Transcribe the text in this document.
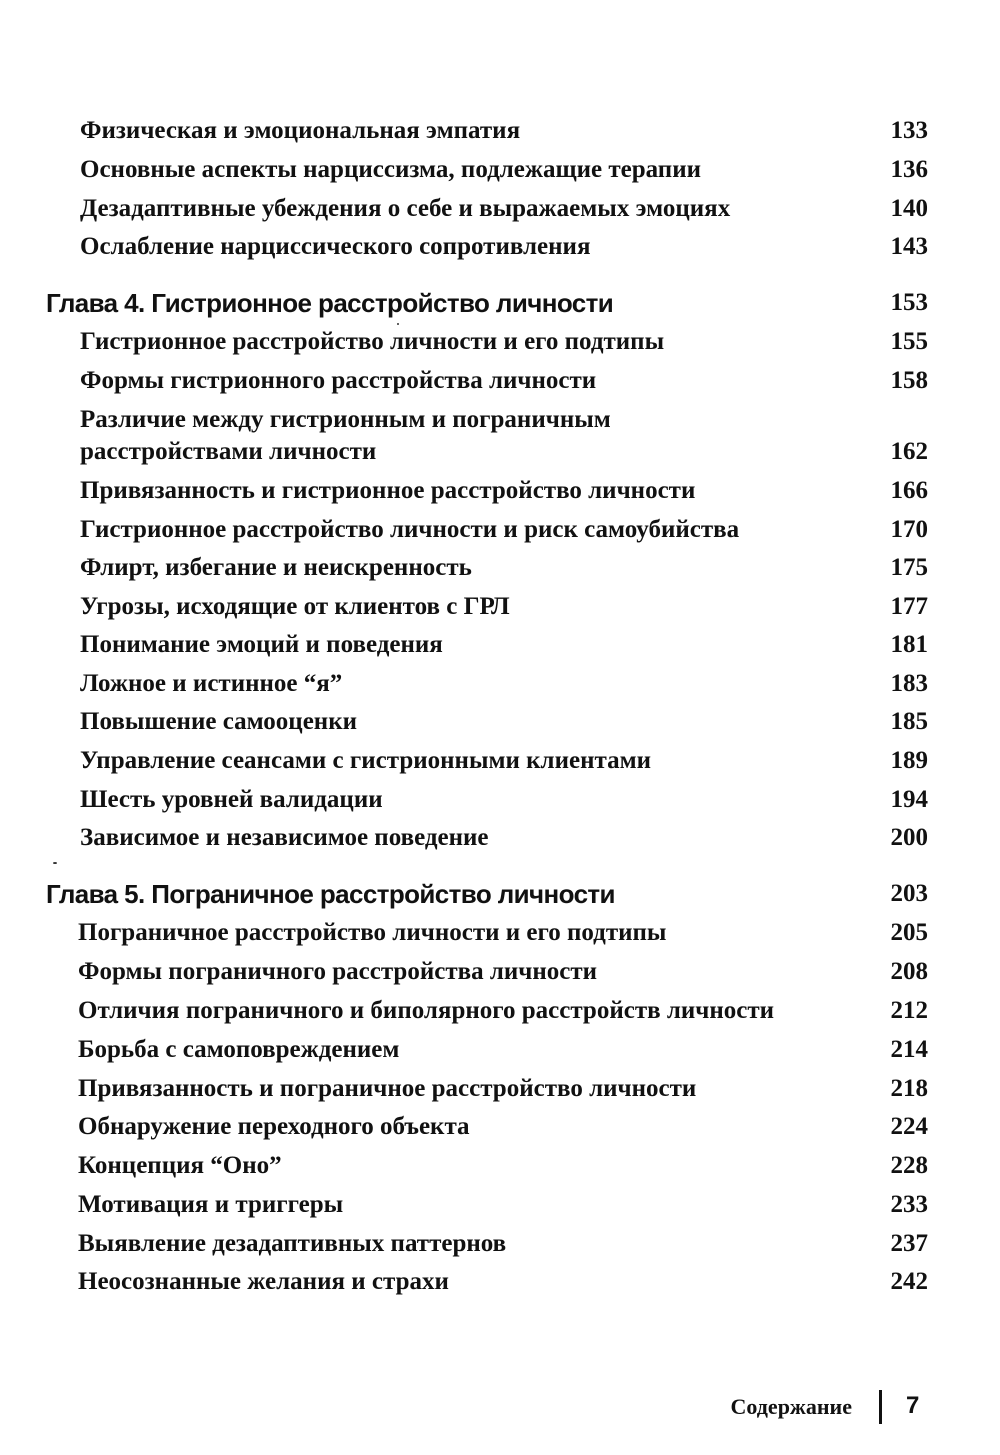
Физическая и эмоциональная эмпатия	133
Основные аспекты нарциссизма, подлежащие терапии	136
Дезадаптивные убеждения о себе и выражаемых эмоциях	140
Ослабление нарциссического сопротивления	143
Глава 4. Гистрионное расстройство личности	153
Гистрионное расстройство личности и его подтипы	155
Формы гистрионного расстройства личности	158
Различие между гистрионным и пограничным
расстройствами личности	162
Привязанность и гистрионное расстройство личности	166
Гистрионное расстройство личности и риск самоубийства	170
Флирт, избегание и неискренность	175
Угрозы, исходящие от клиентов с ГРЛ	177
Понимание эмоций и поведения	181
Ложное и истинное “я”	183
Повышение самооценки	185
Управление сеансами с гистрионными клиентами	189
Шесть уровней валидации	194
Зависимое и независимое поведение	200
Глава 5. Пограничное расстройство личности	203
Пограничное расстройство личности и его подтипы	205
Формы пограничного расстройства личности	208
Отличия пограничного и биполярного расстройств личности	212
Борьба с самоповреждением	214
Привязанность и пограничное расстройство личности	218
Обнаружение переходного объекта	224
Концепция “Оно”	228
Мотивация и триггеры	233
Выявление дезадаптивных паттернов	237
Неосознанные желания и страхи	242
Содержание 7
